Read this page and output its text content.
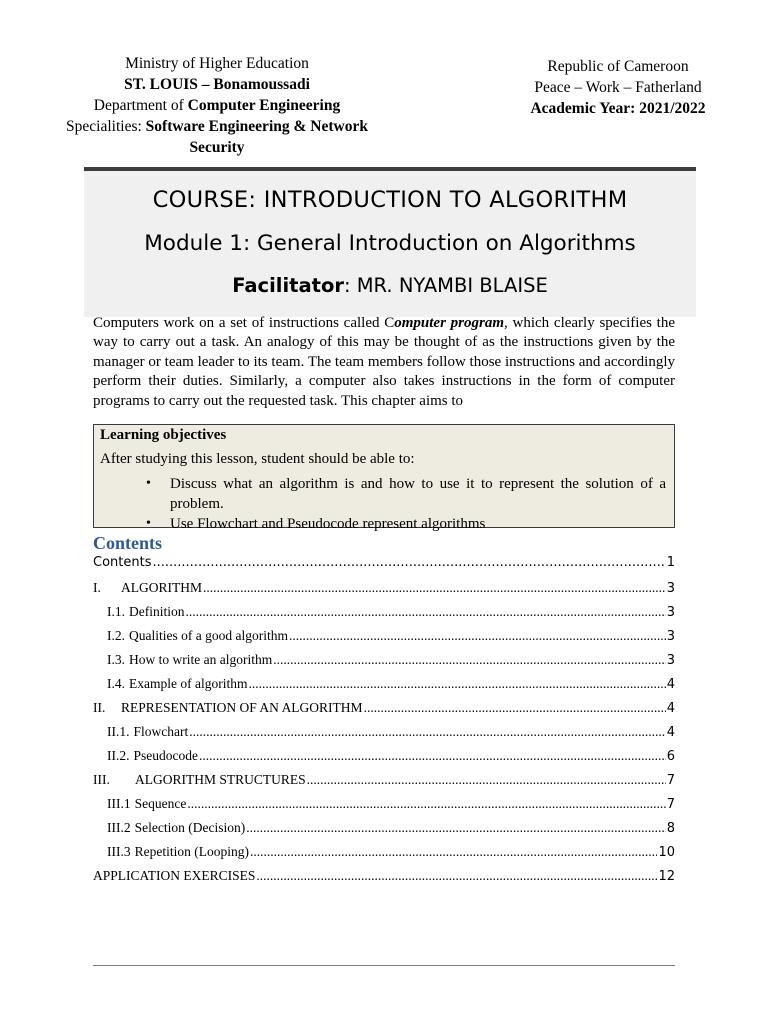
Ministry of Higher Education
ST. LOUIS – Bonamoussadi
Department of Computer Engineering
Specialities: Software Engineering & Network Security
Republic of Cameroon
Peace – Work – Fatherland
Academic Year: 2021/2022
COURSE: INTRODUCTION TO ALGORITHM
Module 1: General Introduction on Algorithms
Facilitator: MR. NYAMBI BLAISE
Computers work on a set of instructions called Computer program, which clearly specifies the way to carry out a task. An analogy of this may be thought of as the instructions given by the manager or team leader to its team. The team members follow those instructions and accordingly perform their duties. Similarly, a computer also takes instructions in the form of computer programs to carry out the requested task. This chapter aims to
Learning objectives
After studying this lesson, student should be able to:
• Discuss what an algorithm is and how to use it to represent the solution of a problem.
• Use Flowchart and Pseudocode represent algorithms
Contents
Contents .....	1
I. ALGORITHM .....	3
I.1. Definition .....	3
I.2. Qualities of a good algorithm .....	3
I.3. How to write an algorithm .....	3
I.4. Example of algorithm .....	4
II. REPRESENTATION OF AN ALGORITHM .....	4
II.1. Flowchart .....	4
II.2. Pseudocode .....	6
III. ALGORITHM STRUCTURES .....	7
III.1 Sequence .....	7
III.2 Selection (Decision) .....	8
III.3 Repetition (Looping) .....	10
APPLICATION EXERCISES .....	12
